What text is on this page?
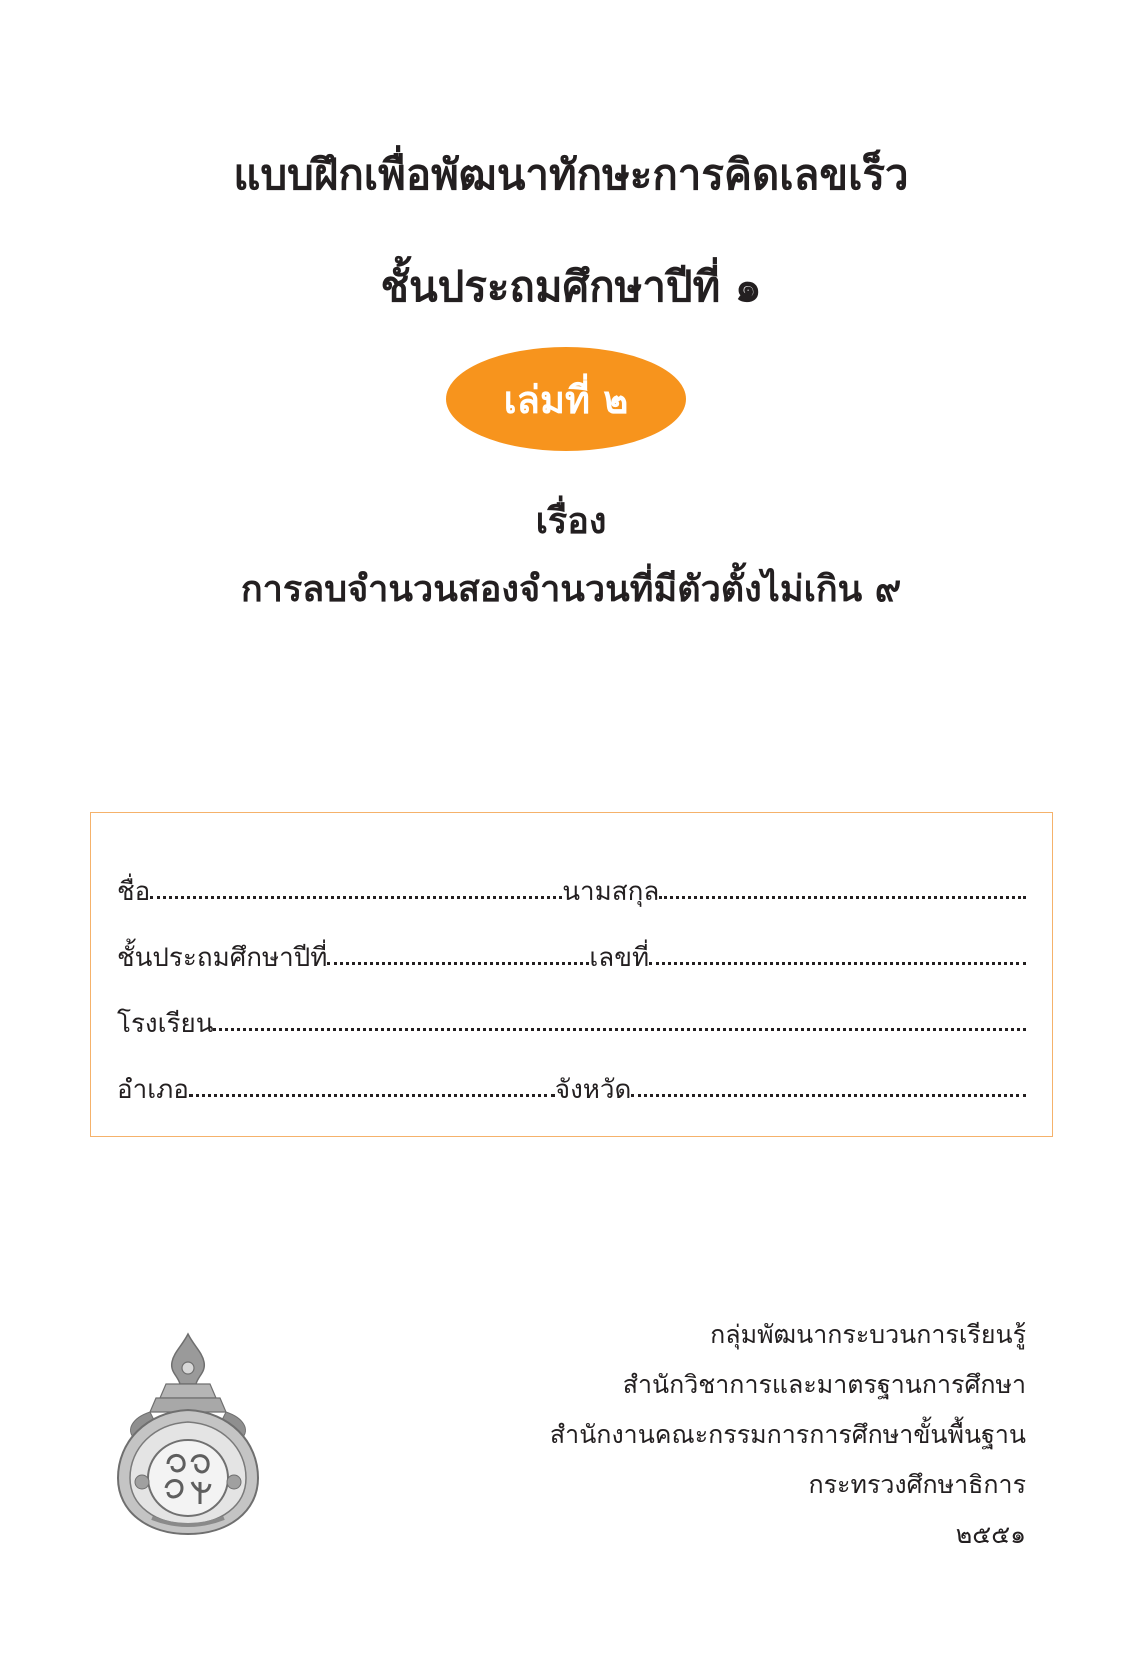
แบบฝึกเพื่อพัฒนาทักษะการคิดเลขเร็ว
ชั้นประถมศึกษาปีที่ ๑
เล่มที่ ๒
เรื่อง
การลบจำนวนสองจำนวนที่มีตัวตั้งไม่เกิน ๙
ชื่อ	นามสกุล
ชั้นประถมศึกษาปีที่	เลขที่
โรงเรียน
อำเภอ	จังหวัด
กลุ่มพัฒนากระบวนการเรียนรู้
สำนักวิชาการและมาตรฐานการศึกษา
สำนักงานคณะกรรมการการศึกษาขั้นพื้นฐาน
กระทรวงศึกษาธิการ
๒๕๕๑
